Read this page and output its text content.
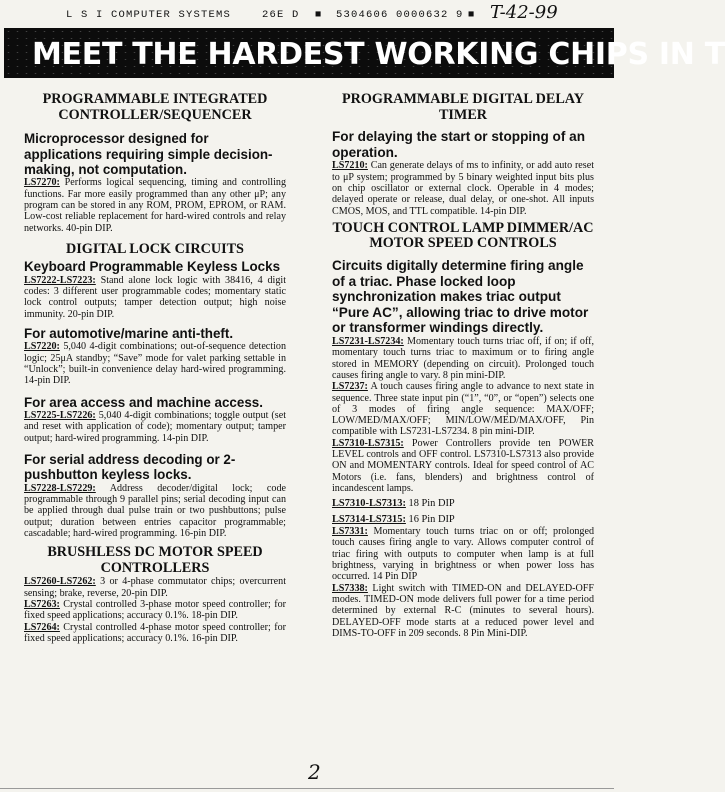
L S I COMPUTER SYSTEMS	26E D ■ 5304606 0000632 9 ■ T-42-99
MEET THE HARDEST WORKING CHIPS IN T
PROGRAMMABLE INTEGRATED CONTROLLER/SEQUENCER
Microprocessor designed for applications requiring simple decision-making, not computation.

LS7270: Performs logical sequencing, timing and controlling functions. Far more easily programmed than any other μP; any program can be stored in any ROM, PROM, EPROM, or RAM. Low-cost reliable replacement for hard-wired controls and relay networks. 40-pin DIP.

DIGITAL LOCK CIRCUITS
Keyboard Programmable Keyless Locks

LS7222-LS7223: Stand alone lock logic with 38416, 4 digit codes: 3 different user programmable codes; momentary static lock control outputs; tamper detection output; high noise immunity. 20-pin DIP.

For automotive/marine anti-theft.

LS7220: 5,040 4-digit combinations; out-of-sequence detection logic; 25μA standby; “Save” mode for valet parking settable in “Unlock”; built-in convenience delay hard-wired programming. 14-pin DIP.

For area access and machine access.

LS7225-LS7226: 5,040 4-digit combinations; toggle output (set and reset with application of code); momentary output; tamper output; hard-wired programming. 14-pin DIP.

For serial address decoding or 2-pushbutton keyless locks.

LS7228-LS7229: Address decoder/digital lock; code programmable through 9 parallel pins; serial decoding input can be applied through dual pulse train or two pushbuttons; pulse output; duration between entries capacitor programmable; cascadable; hard-wired programming. 16-pin DIP.

BRUSHLESS DC MOTOR SPEED CONTROLLERS

LS7260-LS7262: 3 or 4-phase commutator chips; overcurrent sensing; brake, reverse, 20-pin DIP.

LS7263: Crystal controlled 3-phase motor speed controller; for fixed speed applications; accuracy 0.1%. 18-pin DIP.

LS7264: Crystal controlled 4-phase motor speed controller; for fixed speed applications; accuracy 0.1%. 16-pin DIP.

PROGRAMMABLE DIGITAL DELAY TIMER
For delaying the start or stopping of an operation.

LS7210: Can generate delays of ms to infinity, or add auto reset to μP system; programmed by 5 binary weighted input bits plus on chip oscillator or external clock. Operable in 4 modes; delayed operate or release, dual delay, or one-shot. All inputs CMOS, MOS, and TTL compatible. 14-pin DIP.

TOUCH CONTROL LAMP DIMMER/AC MOTOR SPEED CONTROLS
Circuits digitally determine firing angle of a triac. Phase locked loop synchronization makes triac output “Pure AC”, allowing triac to drive motor or transformer windings directly.

LS7231-LS7234: Momentary touch turns triac off, if on; if off, momentary touch turns triac to maximum or to firing angle stored in MEMORY (depending on circuit). Prolonged touch causes firing angle to vary. 8 pin mini-DIP.

LS7237: A touch causes firing angle to advance to next state in sequence. Three state input pin (“1”, “0”, or “open”) selects one of 3 modes of firing angle sequence: MAX/OFF; LOW/MED/MAX/OFF; MIN/LOW/MED/MAX/OFF, Pin compatible with LS7231-LS7234. 8 pin mini-DIP.

LS7310-LS7315: Power Controllers provide ten POWER LEVEL controls and OFF control. LS7310-LS7313 also provide ON and MOMENTARY controls. Ideal for speed control of AC Motors (i.e. fans, blenders) and brightness control of incandescent lamps.

LS7310-LS7313: 18 Pin DIP

LS7314-LS7315: 16 Pin DIP

LS7331: Momentary touch turns triac on or off; prolonged touch causes firing angle to vary. Allows computer control of triac firing with outputs to computer when lamp is at full brightness, varying in brightness or when power loss has occurred. 14 Pin DIP

LS7338: Light switch with TIMED-ON and DELAYED-OFF modes. TIMED-ON mode delivers full power for a time period determined by external R-C (minutes to several hours). DELAYED-OFF mode starts at a reduced power level and DIMS-TO-OFF in 209 seconds. 8 Pin Mini-DIP.

2
